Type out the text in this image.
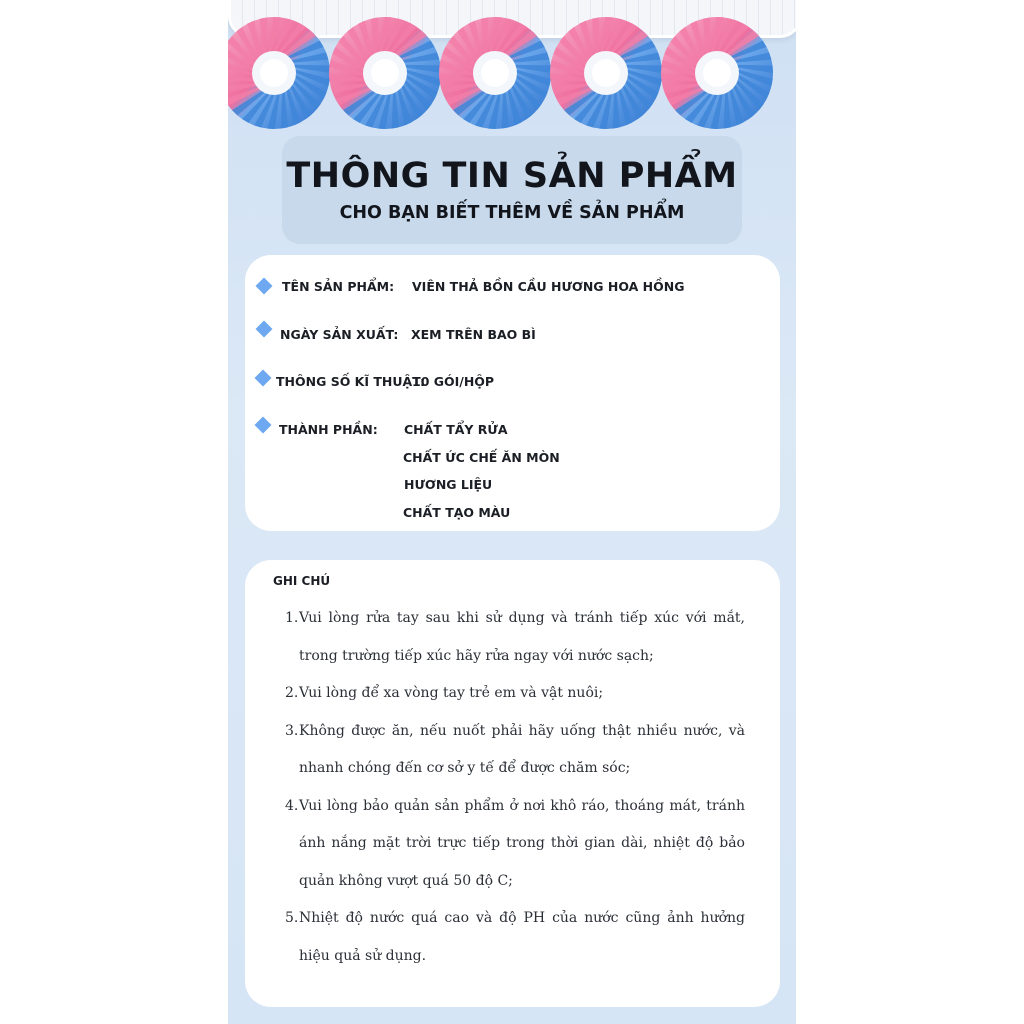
THÔNG TIN SẢN PHẨM
CHO BẠN BIẾT THÊM VỀ SẢN PHẨM
TÊN SẢN PHẨM: VIÊN THẢ BỒN CẦU HƯƠNG HOA HỒNG
NGÀY SẢN XUẤT: XEM TRÊN BAO BÌ
THÔNG SỐ KĨ THUẬT:
10 GÓI/HỘP
THÀNH PHẦN: CHẤT TẨY RỬA
CHẤT ỨC CHẾ ĂN MÒN
HƯƠNG LIỆU
CHẤT TẠO MÀU
GHI CHÚ
1. Vui lòng rửa tay sau khi sử dụng và tránh tiếp xúc với mắt, trong trường tiếp xúc hãy rửa ngay với nước sạch;
2. Vui lòng để xa vòng tay trẻ em và vật nuôi;
3. Không được ăn, nếu nuốt phải hãy uống thật nhiều nước, và nhanh chóng đến cơ sở y tế để được chăm sóc;
4. Vui lòng bảo quản sản phẩm ở nơi khô ráo, thoáng mát, tránh ánh nắng mặt trời trực tiếp trong thời gian dài, nhiệt độ bảo quản không vượt quá 50 độ C;
5. Nhiệt độ nước quá cao và độ PH của nước cũng ảnh hưởng hiệu quả sử dụng.
